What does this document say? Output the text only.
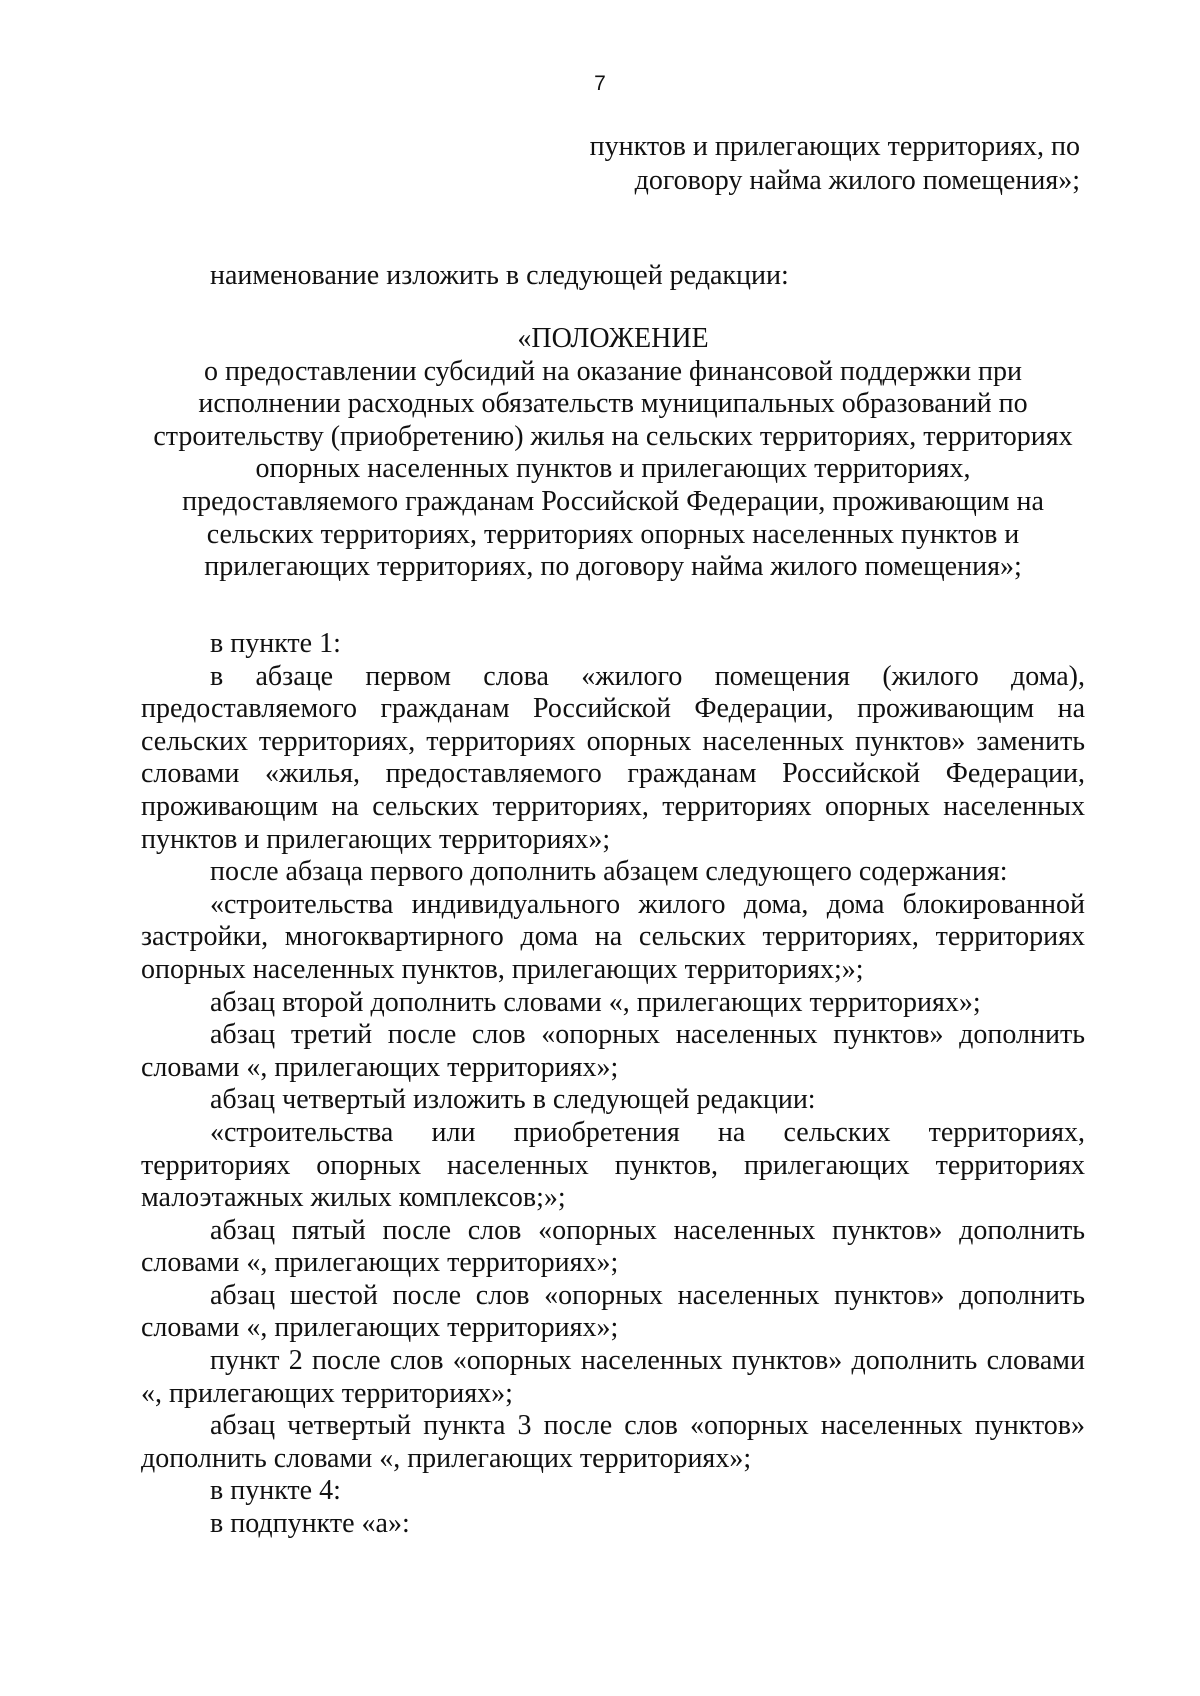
7
пунктов и прилегающих территориях, по
договору найма жилого помещения»;
наименование изложить в следующей редакции:
«ПОЛОЖЕНИЕ
о предоставлении субсидий на оказание финансовой поддержки при
исполнении расходных обязательств муниципальных образований по
строительству (приобретению) жилья на сельских территориях, территориях
опорных населенных пунктов и прилегающих территориях,
предоставляемого гражданам Российской Федерации, проживающим на
сельских территориях, территориях опорных населенных пунктов и
прилегающих территориях, по договору найма жилого помещения»;

в пункте 1:

в абзаце первом слова «жилого помещения (жилого дома), предоставляемого гражданам Российской Федерации, проживающим на сельских территориях, территориях опорных населенных пунктов» заменить словами «жилья, предоставляемого гражданам Российской Федерации, проживающим на сельских территориях, территориях опорных населенных пунктов и прилегающих территориях»;

после абзаца первого дополнить абзацем следующего содержания:

«строительства индивидуального жилого дома, дома блокированной застройки, многоквартирного дома на сельских территориях, территориях опорных населенных пунктов, прилегающих территориях;»;

абзац второй дополнить словами «, прилегающих территориях»;

абзац третий после слов «опорных населенных пунктов» дополнить словами «, прилегающих территориях»;

абзац четвертый изложить в следующей редакции:

«строительства или приобретения на сельских территориях, территориях опорных населенных пунктов, прилегающих территориях малоэтажных жилых комплексов;»;

абзац пятый после слов «опорных населенных пунктов» дополнить словами «, прилегающих территориях»;

абзац шестой после слов «опорных населенных пунктов» дополнить словами «, прилегающих территориях»;

пункт 2 после слов «опорных населенных пунктов» дополнить словами «, прилегающих территориях»;

абзац четвертый пункта 3 после слов «опорных населенных пунктов» дополнить словами «, прилегающих территориях»;

в пункте 4:

в подпункте «а»:
